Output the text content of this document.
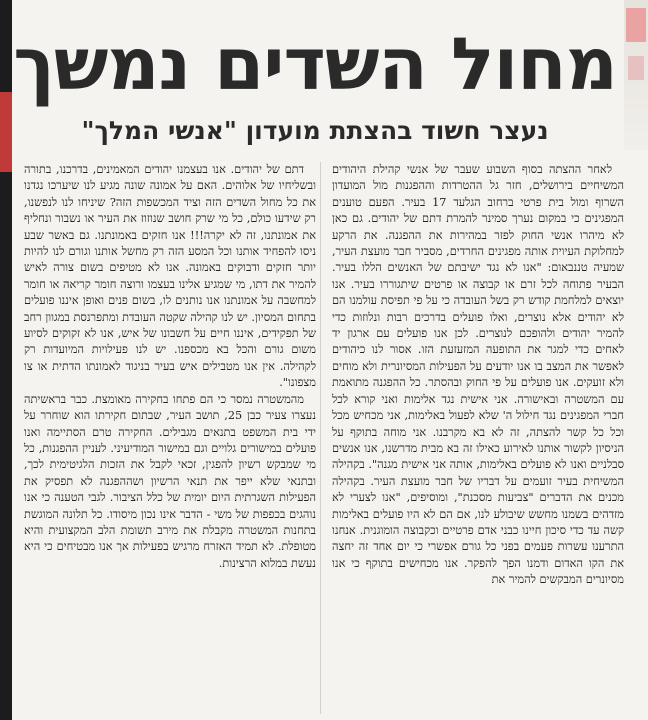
מחול השדים נמשך
נעצר חשוד בהצתת מועדון "אנשי המלך"

לאחר ההצתה בסוף השבוע שעבר של אנשי קהילת היהודים המשיחיים בירושלים, חזר גל ההטרדות וההפגנות מול המועדון השרוף ומול בית פרטי ברחוב הגלעד 17 בעיר. הפעם טוענים המפגינים כי במקום נערך סמינר להמרת דתם של יהודים. גם כאן לא מיהרו אנשי החוק לפזר במהירות את ההפגנה. את הרקע למחלוקת העיוית אותה מפגינים החרדים, מסביר חבר מועצת העיר, שמעיה טננבאום: "אנו לא נגד ישיבתם של האנשים הללו בעיר. הבעיר פתוחה לכל זרם או קבוצה או פרטים שיתגוררו בעיר. אנו יוצאים למלחמת קודש רק בשל העובדה כי על פי תפיסת עולמנו הם לא יהודים אלא נוצרים, ואלו פועלים בדרכים רבות ונלוזות כדי להמיר יהודים ולהופכם לנוצרים. לכן אנו פועלים עם ארגון יד לאחים כדי למגר את התופעה המזעזעת הזו. אסור לנו כיהודים לאפשר את המצב בו אנו יודעים על הפעילות המסיונרית ולא מוחים ולא זועקים. אנו פועלים על פי החוק ובהסתר. כל ההפגנה מתואמת עם המשטרה ובאישורה. אני אישית נגד אלימות ואני קורא לכל חברי המפגינים נגד חילול ה' שלא לפעול באלימות, אני מכחיש מכל וכל כל קשר להצתה, זה לא בא מקרבנו. אני מוחה בתוקף על הניסיון לקשור אותנו לאירוע כאילו זה בא מבית מדרשנו, אנו אנשים סבלניים ואנו לא פועלים באלימות, אותה אני אישית מגנה". בקהילה המשיחית בעיר זועמים על דבריו של חבר מועצת העיר. בקהילה מכנים את הדברים "צביעות מסכנת", ומוסיפים, "אנו לצערי לא מזדהים בשמנו מחשש שיבולע לנו, אם הם לא היו פועלים באלימות קשה עד כדי סיכון חיינו כבני אדם פרטיים וכקבוצה הומוגנית. אנחנו התרענו עשרות פעמים בפני כל גורם אפשרי כי יום אחד זה יחצה את הקו האדום ודמנו הפך להפקר. אנו מכחישים בתוקף כי אנו מסיונרים המבקשים להמיר את

דתם של יהודים. אנו בעצמנו יהודים המאמינים, בדרכנו, בתורה ובשליחיו של אלוהים. האם על אמונה שונה מגיע לנו שיערכו נגדנו את כל מחול השדים הזה וציד המכשפות הזה? שיניחו לנו לנפשנו, רק שידעו כולם, כל מי שרק חושב שנוזוז את העיר או נשבור ונחליף את אמונתנו, זה לא יקרה!!! אנו חזקים באמונתנו. גם באשר שבע ניסו להפחיד אותנו וכל המסע הזה רק מחשל אותנו וגורם לנו להיות יותר חזקים ודבוקים באמונה. אנו לא מטיפים בשום צורה לאיש להמיר את דתו, מי שמגיע אלינו בעצמו ורוצה חומר קריאה או חומר למחשבה על אמונתנו אנו נותנים לו, בשום פנים ואופן איננו פועלים בתחום המסיון. יש לנו קהילה שקטה העובדת ומתפרנסת במגוון רחב של תפקידים, איננו חיים על חשבונו של איש, אנו לא זקוקים לסיוע משום גורם והכל בא מכספנו. יש לנו פעילויות המיועדות רק לקהילה. אין אנו מטבילים איש בעיר בניגוד לאמונתו הדתית או צו מצפונו".

מהמשטרה נמסר כי הם פתחו בחקירה מאומצת. כבר בראשיתה נעצרו צעיר כבן 25, תושב העיר, שבתום חקירתו הוא שוחרר על ידי בית המשפט בתנאים מגבילים. החקירה טרם הסתיימה ואנו פועלים במישורים גלויים וגם במישור המודיעיני. לעניין ההפגנות, כל מי שמבקש רשיון להפגין, זכאי לקבל את הזכות הלגיטימית לכך, ובתנאי שלא ייפר את תנאי הרשיון ושההפגנה לא תפסיק את הפעילות השגרתית היום יומית של כלל הציבור. לגבי הטענה כי אנו נוהגים בכפפות של משי - הדבר אינו נכון מיסודו. כל תלונה המוגשת בתחנות המשטרה מקבלת את מירב תשומת הלב המקצועית והיא מטופלת. לא תמיד האזרח מרגיש בפעילות אך אנו מבטיחים כי היא נעשת במלוא הרצינות.
